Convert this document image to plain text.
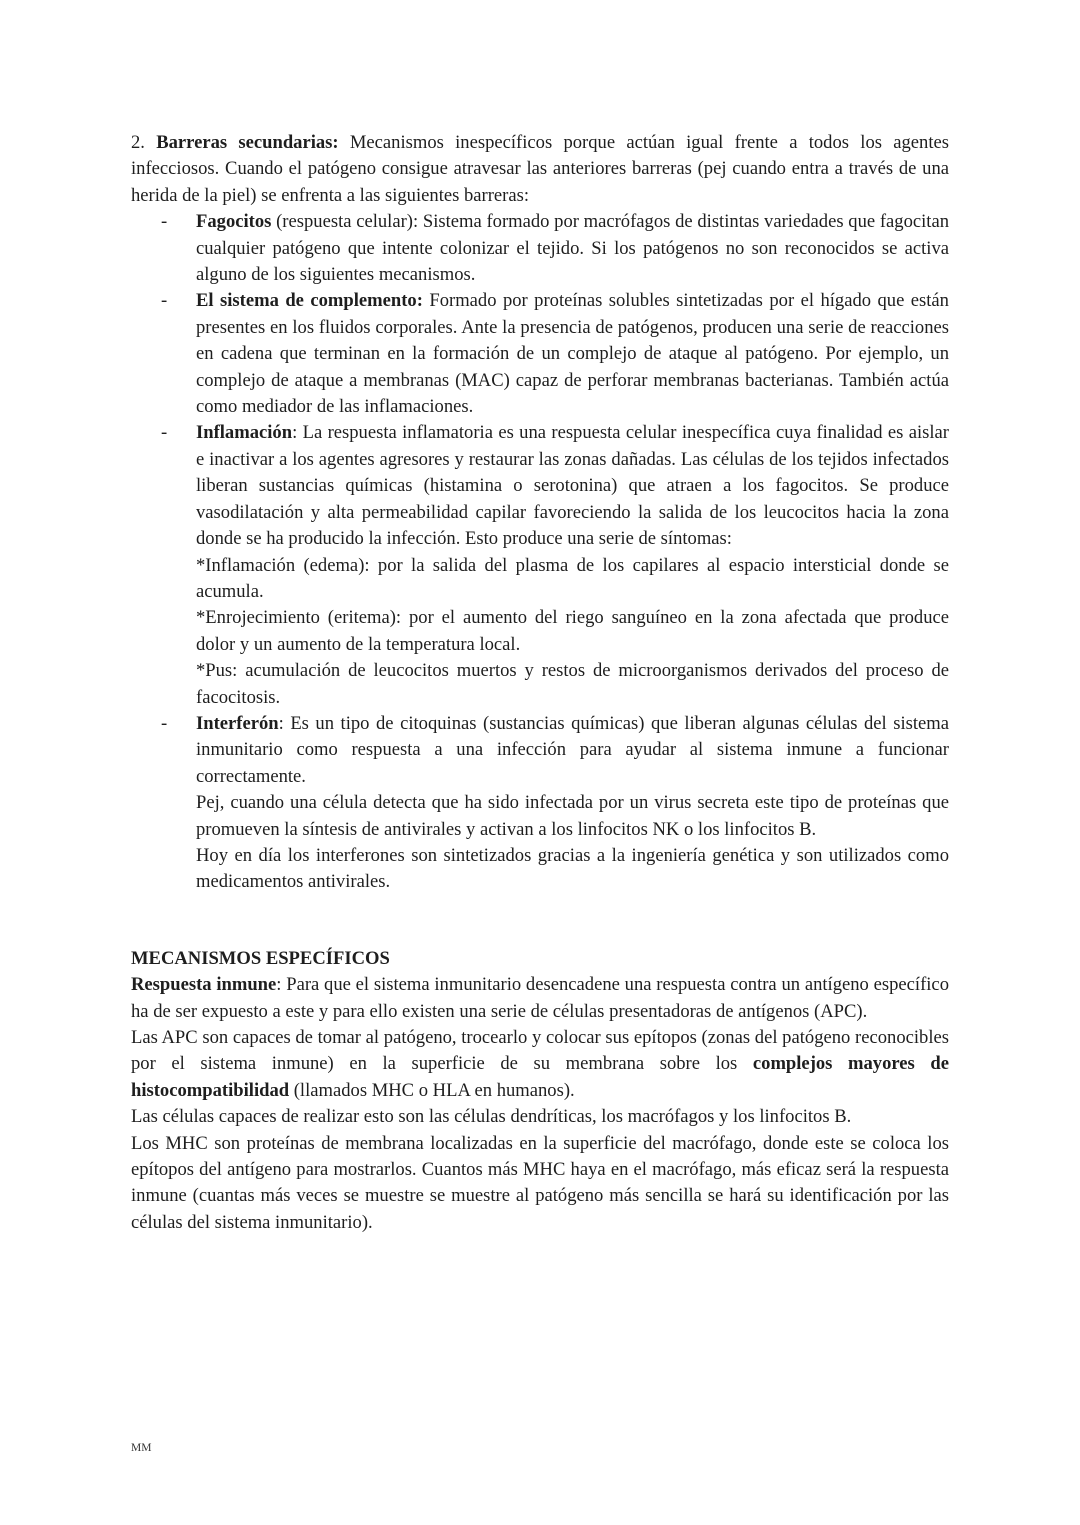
2. Barreras secundarias: Mecanismos inespecíficos porque actúan igual frente a todos los agentes infecciosos. Cuando el patógeno consigue atravesar las anteriores barreras (pej cuando entra a través de una herida de la piel) se enfrenta a las siguientes barreras:

- Fagocitos (respuesta celular): Sistema formado por macrófagos de distintas variedades que fagocitan cualquier patógeno que intente colonizar el tejido. Si los patógenos no son reconocidos se activa alguno de los siguientes mecanismos.

- El sistema de complemento: Formado por proteínas solubles sintetizadas por el hígado que están presentes en los fluidos corporales. Ante la presencia de patógenos, producen una serie de reacciones en cadena que terminan en la formación de un complejo de ataque al patógeno. Por ejemplo, un complejo de ataque a membranas (MAC) capaz de perforar membranas bacterianas. También actúa como mediador de las inflamaciones.

- Inflamación: La respuesta inflamatoria es una respuesta celular inespecífica cuya finalidad es aislar e inactivar a los agentes agresores y restaurar las zonas dañadas. Las células de los tejidos infectados liberan sustancias químicas (histamina o serotonina) que atraen a los fagocitos. Se produce vasodilatación y alta permeabilidad capilar favoreciendo la salida de los leucocitos hacia la zona donde se ha producido la infección. Esto produce una serie de síntomas:

*Inflamación (edema): por la salida del plasma de los capilares al espacio intersticial donde se acumula.

*Enrojecimiento (eritema): por el aumento del riego sanguíneo en la zona afectada que produce dolor y un aumento de la temperatura local.

*Pus: acumulación de leucocitos muertos y restos de microorganismos derivados del proceso de facocitosis.

- Interferón: Es un tipo de citoquinas (sustancias químicas) que liberan algunas células del sistema inmunitario como respuesta a una infección para ayudar al sistema inmune a funcionar correctamente.

Pej, cuando una célula detecta que ha sido infectada por un virus secreta este tipo de proteínas que promueven la síntesis de antivirales y activan a los linfocitos NK o los linfocitos B.

Hoy en día los interferones son sintetizados gracias a la ingeniería genética y son utilizados como medicamentos antivirales.

MECANISMOS ESPECÍFICOS

Respuesta inmune: Para que el sistema inmunitario desencadene una respuesta contra un antígeno específico ha de ser expuesto a este y para ello existen una serie de células presentadoras de antígenos (APC).

Las APC son capaces de tomar al patógeno, trocearlo y colocar sus epítopos (zonas del patógeno reconocibles por el sistema inmune) en la superficie de su membrana sobre los complejos mayores de histocompatibilidad (llamados MHC o HLA en humanos).

Las células capaces de realizar esto son las células dendríticas, los macrófagos y los linfocitos B.

Los MHC son proteínas de membrana localizadas en la superficie del macrófago, donde este se coloca los epítopos del antígeno para mostrarlos. Cuantos más MHC haya en el macrófago, más eficaz será la respuesta inmune (cuantas más veces se muestre se muestre al patógeno más sencilla se hará su identificación por las células del sistema inmunitario).

MM
